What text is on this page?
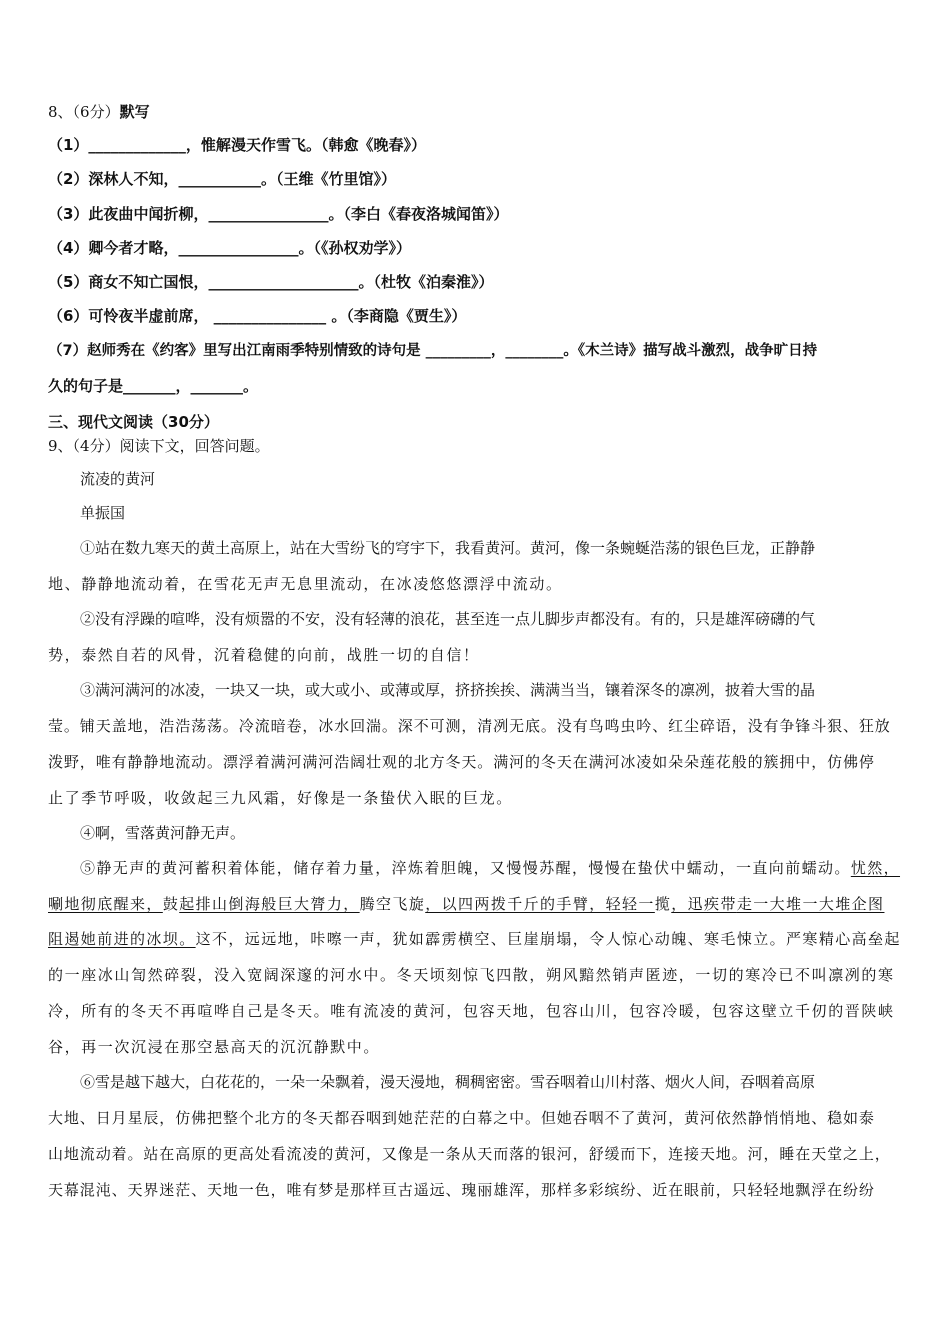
8、（6分）默写
（1）_____________，惟解漫天作雪飞。（韩愈《晚春》）
（2）深林人不知，___________。（王维《竹里馆》）
（3）此夜曲中闻折柳，________________。（李白《春夜洛城闻笛》）
（4）卿今者才略，________________。（《孙权劝学》）
（5）商女不知亡国恨，____________________。（杜牧《泊秦淮》）
（6）可怜夜半虚前席， _______________ 。（李商隐《贾生》）
（7）赵师秀在《约客》里写出江南雨季特别情致的诗句是 _________，________。《木兰诗》描写战斗激烈，战争旷日持
久的句子是_______，_______。
三、现代文阅读（30分）
9、（4分）阅读下文，回答问题。
流凌的黄河
单振国
①站在数九寒天的黄土高原上，站在大雪纷飞的穹宇下，我看黄河。黄河，像一条蜿蜒浩荡的银色巨龙，正静静
地、静静地流动着，在雪花无声无息里流动，在冰凌悠悠漂浮中流动。
②没有浮躁的喧哗，没有烦嚣的不安，没有轻薄的浪花，甚至连一点儿脚步声都没有。有的，只是雄浑磅礴的气
势，泰然自若的风骨，沉着稳健的向前，战胜一切的自信！
③满河满河的冰凌，一块又一块，或大或小、或薄或厚，挤挤挨挨、满满当当，镶着深冬的凛冽，披着大雪的晶
莹。铺天盖地，浩浩荡荡。冷流暗卷，冰水回湍。深不可测，清冽无底。没有鸟鸣虫吟、红尘碎语，没有争锋斗狠、狂放
泼野，唯有静静地流动。漂浮着满河满河浩阔壮观的北方冬天。满河的冬天在满河冰凌如朵朵莲花般的簇拥中，仿佛停
止了季节呼吸，收敛起三九风霜，好像是一条蛰伏入眠的巨龙。
④啊，雪落黄河静无声。
⑤静无声的黄河蓄积着体能，储存着力量，淬炼着胆魄，又慢慢苏醒，慢慢在蛰伏中蠕动，一直向前蠕动。忧然，
唰地彻底醒来，鼓起排山倒海般巨大膂力，腾空飞旋，以四两拨千斤的手臂，轻轻一揽，迅疾带走一大堆一大堆企图
阻遏她前进的冰坝。这不，远远地，咔嚓一声，犹如霹雳横空、巨崖崩塌，令人惊心动魄、寒毛悚立。严寒精心高垒起
的一座冰山訇然碎裂，没入宽阔深邃的河水中。冬天顷刻惊飞四散，朔风黯然销声匿迹，一切的寒冷已不叫凛冽的寒
冷，所有的冬天不再喧哗自己是冬天。唯有流凌的黄河，包容天地，包容山川，包容冷暖，包容这壁立千仞的晋陕峡
谷，再一次沉浸在那空悬高天的沉沉静默中。
⑥雪是越下越大，白花花的，一朵一朵飘着，漫天漫地，稠稠密密。雪吞咽着山川村落、烟火人间，吞咽着高原
大地、日月星辰，仿佛把整个北方的冬天都吞咽到她茫茫的白幕之中。但她吞咽不了黄河，黄河依然静悄悄地、稳如泰
山地流动着。站在高原的更高处看流凌的黄河，又像是一条从天而落的银河，舒缓而下，连接天地。河，睡在天堂之上，
天幕混沌、天界迷茫、天地一色，唯有梦是那样亘古遥远、瑰丽雄浑，那样多彩缤纷、近在眼前，只轻轻地飘浮在纷纷
